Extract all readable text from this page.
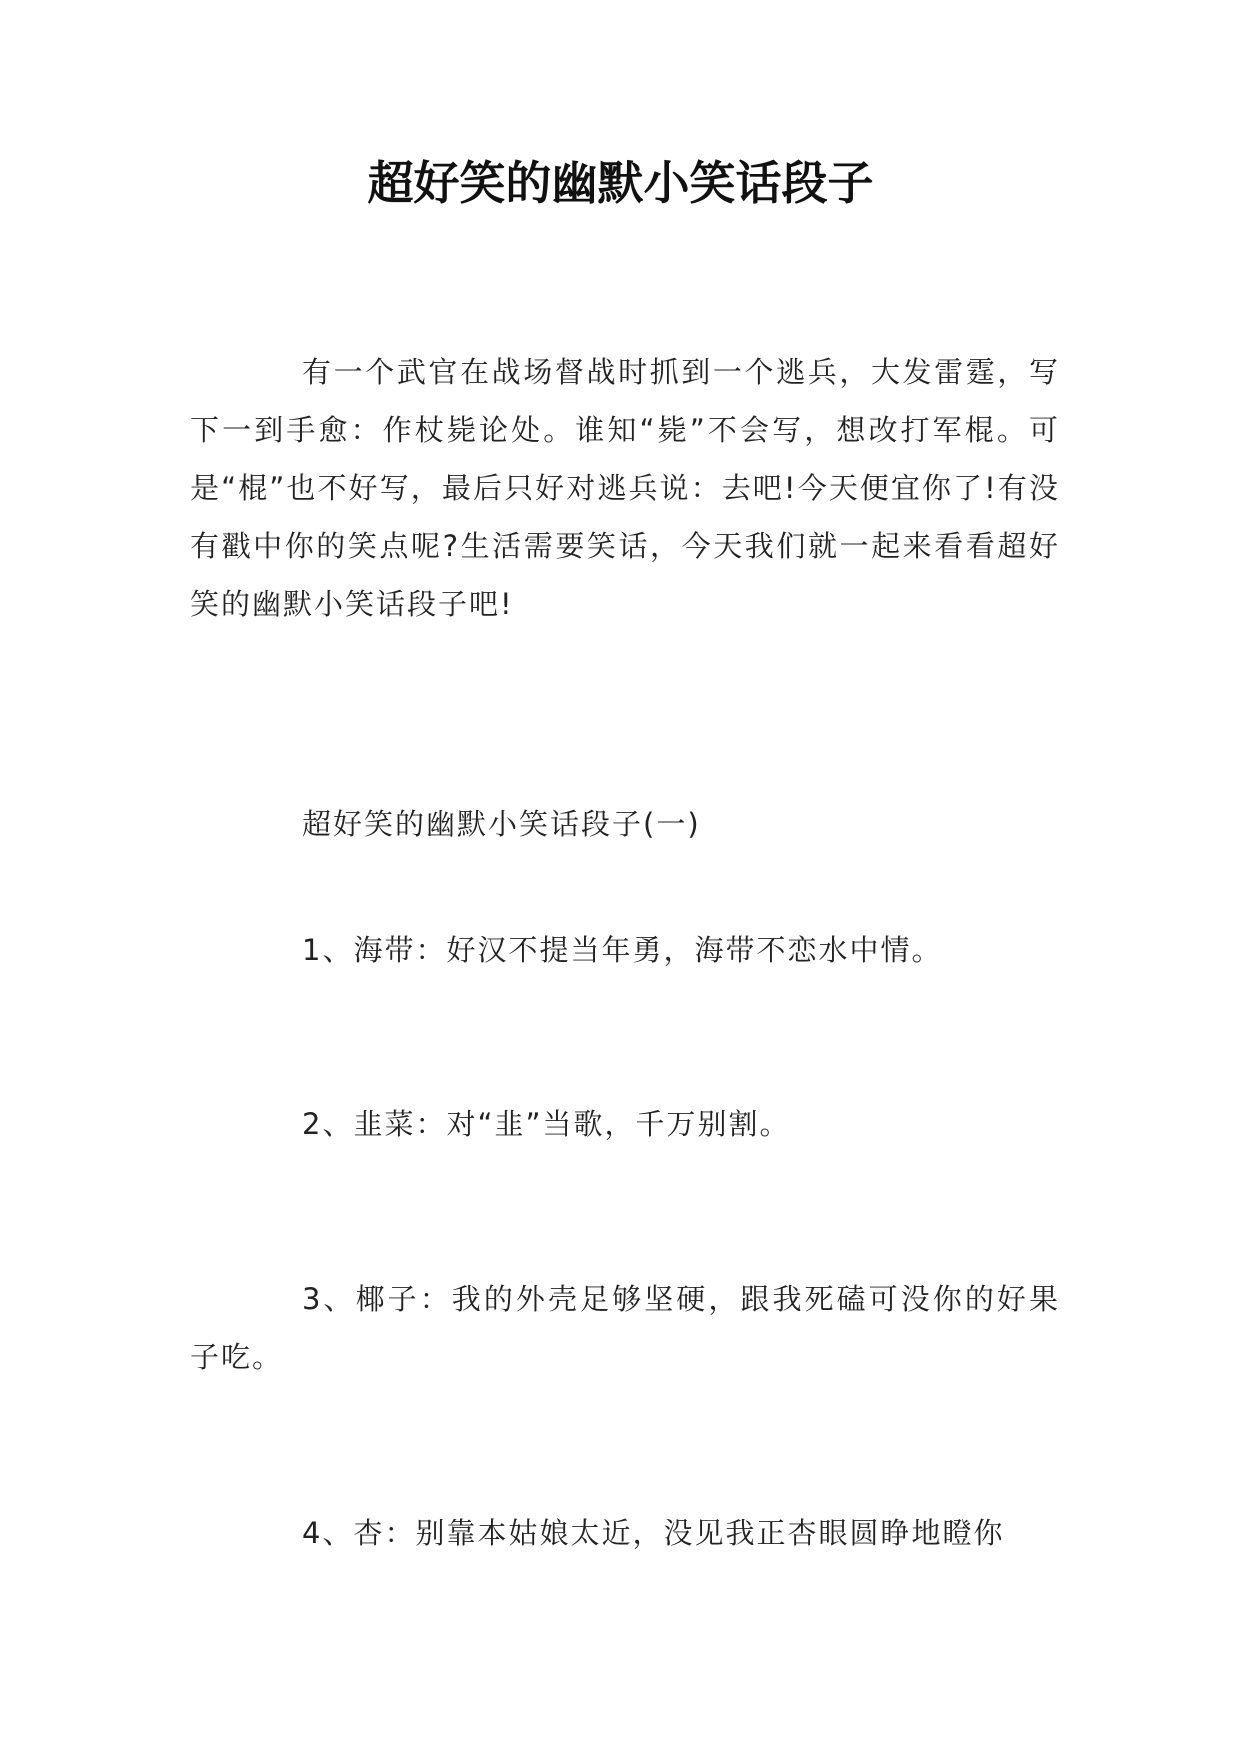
超好笑的幽默小笑话段子

有一个武官在战场督战时抓到一个逃兵，大发雷霆，写下一到手愈：作杖毙论处。谁知“毙”不会写，想改打军棍。可是“棍”也不好写，最后只好对逃兵说：去吧!今天便宜你了!有没有戳中你的笑点呢?生活需要笑话，今天我们就一起来看看超好笑的幽默小笑话段子吧!

超好笑的幽默小笑话段子(一)

1、海带：好汉不提当年勇，海带不恋水中情。

2、韭菜：对“韭”当歌，千万别割。

3、椰子：我的外壳足够坚硬，跟我死磕可没你的好果子吃。

4、杏：别靠本姑娘太近，没见我正杏眼圆睁地瞪你
